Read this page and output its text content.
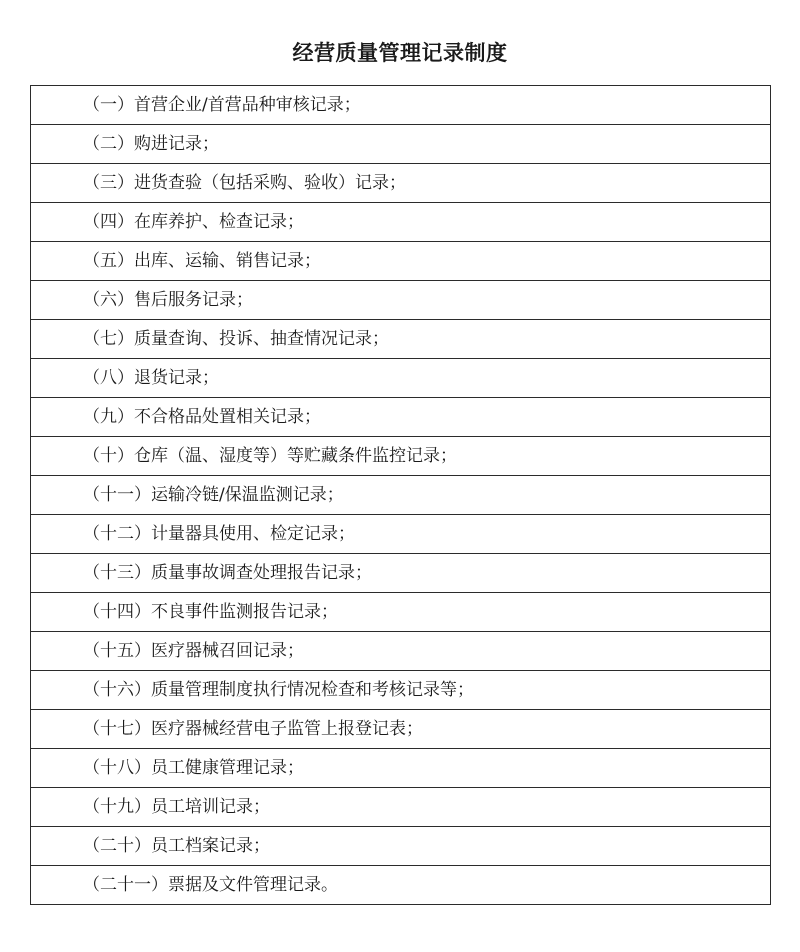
经营质量管理记录制度
（一）首营企业/首营品种审核记录；
（二）购进记录；
（三）进货查验（包括采购、验收）记录；
（四）在库养护、检查记录；
（五）出库、运输、销售记录；
（六）售后服务记录；
（七）质量查询、投诉、抽查情况记录；
（八）退货记录；
（九）不合格品处置相关记录；
（十）仓库（温、湿度等）等贮藏条件监控记录；
（十一）运输冷链/保温监测记录；
（十二）计量器具使用、检定记录；
（十三）质量事故调查处理报告记录；
（十四）不良事件监测报告记录；
（十五）医疗器械召回记录；
（十六）质量管理制度执行情况检查和考核记录等；
（十七）医疗器械经营电子监管上报登记表；
（十八）员工健康管理记录；
（十九）员工培训记录；
（二十）员工档案记录；
（二十一）票据及文件管理记录。
